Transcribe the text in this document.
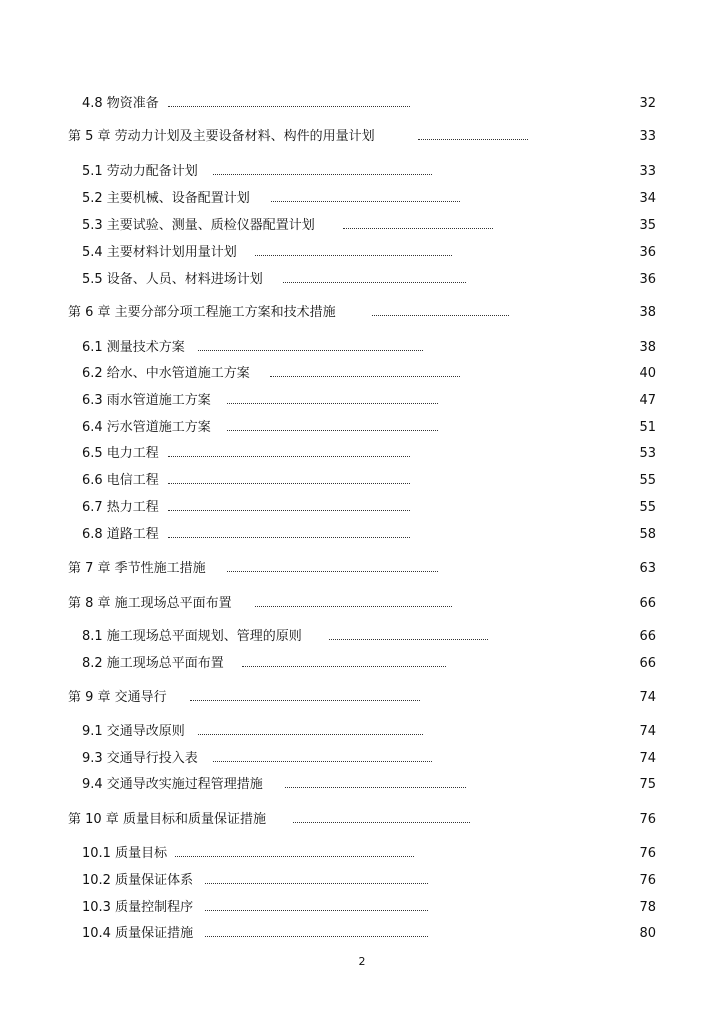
4.8 物资准备	32
第 5 章 劳动力计划及主要设备材料、构件的用量计划	33
5.1 劳动力配备计划	33
5.2 主要机械、设备配置计划	34
5.3 主要试验、测量、质检仪器配置计划	35
5.4 主要材料计划用量计划	36
5.5 设备、人员、材料进场计划	36
第 6 章 主要分部分项工程施工方案和技术措施	38
6.1 测量技术方案	38
6.2 给水、中水管道施工方案	40
6.3 雨水管道施工方案	47
6.4 污水管道施工方案	51
6.5 电力工程	53
6.6 电信工程	55
6.7 热力工程	55
6.8 道路工程	58
第 7 章 季节性施工措施	63
第 8 章 施工现场总平面布置	66
8.1 施工现场总平面规划、管理的原则	66
8.2 施工现场总平面布置	66
第 9 章 交通导行	74
9.1 交通导改原则	74
9.3 交通导行投入表	74
9.4 交通导改实施过程管理措施	75
第 10 章 质量目标和质量保证措施	76
10.1 质量目标	76
10.2 质量保证体系	76
10.3 质量控制程序	78
10.4 质量保证措施	80
2
